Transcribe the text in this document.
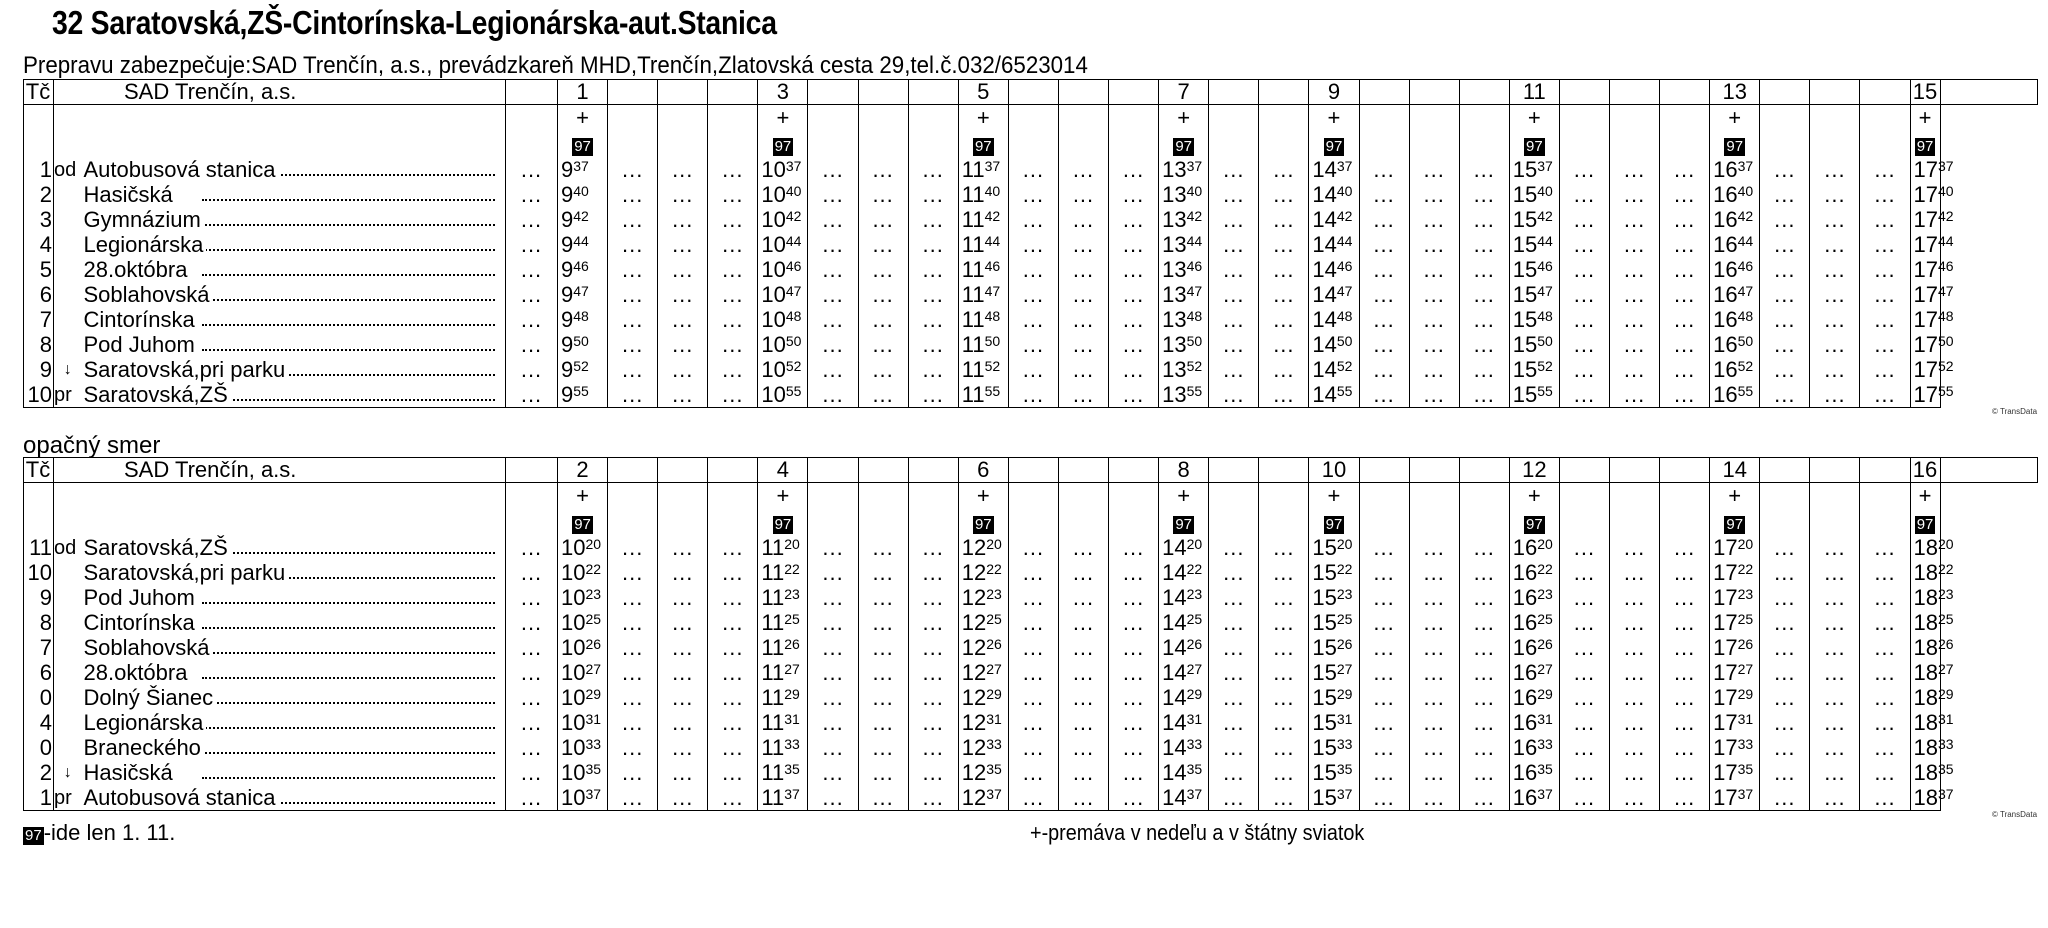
32 Saratovská,ZŠ-Cintorínska-Legionárska-aut.Stanica
Prepravu zabezpečuje:SAD Trenčín, a.s., prevádzkareň MHD,Trenčín,Zlatovská cesta 29,tel.č.032/6523014
Tč	SAD Trenčín, a.s.			1				3				5				7			9				11				13				15	
				+				+				+				+			+				+				+				+	
				97				97				97				97			97				97				97				97	
1	od	Autobusová stanica	...	$9^{37}$	...	...	...	$10^{37}$	...	...	...	$11^{37}$	...	...	...	$13^{37}$	...	...	$14^{37}$	...	...	...	$15^{37}$	...	...	...	$16^{37}$	...	...	...	$17^{37}$
2		Hasičská	...	$9^{40}$	...	...	...	$10^{40}$	...	...	...	$11^{40}$	...	...	...	$13^{40}$	...	...	$14^{40}$	...	...	...	$15^{40}$	...	...	...	$16^{40}$	...	...	...	$17^{40}$
3		Gymnázium	...	$9^{42}$	...	...	...	$10^{42}$	...	...	...	$11^{42}$	...	...	...	$13^{42}$	...	...	$14^{42}$	...	...	...	$15^{42}$	...	...	...	$16^{42}$	...	...	...	$17^{42}$
4		Legionárska	...	$9^{44}$	...	...	...	$10^{44}$	...	...	...	$11^{44}$	...	...	...	$13^{44}$	...	...	$14^{44}$	...	...	...	$15^{44}$	...	...	...	$16^{44}$	...	...	...	$17^{44}$
5		28.októbra	...	$9^{46}$	...	...	...	$10^{46}$	...	...	...	$11^{46}$	...	...	...	$13^{46}$	...	...	$14^{46}$	...	...	...	$15^{46}$	...	...	...	$16^{46}$	...	...	...	$17^{46}$
6		Soblahovská	...	$9^{47}$	...	...	...	$10^{47}$	...	...	...	$11^{47}$	...	...	...	$13^{47}$	...	...	$14^{47}$	...	...	...	$15^{47}$	...	...	...	$16^{47}$	...	...	...	$17^{47}$
7		Cintorínska	...	$9^{48}$	...	...	...	$10^{48}$	...	...	...	$11^{48}$	...	...	...	$13^{48}$	...	...	$14^{48}$	...	...	...	$15^{48}$	...	...	...	$16^{48}$	...	...	...	$17^{48}$
8		Pod Juhom	...	$9^{50}$	...	...	...	$10^{50}$	...	...	...	$11^{50}$	...	...	...	$13^{50}$	...	...	$14^{50}$	...	...	...	$15^{50}$	...	...	...	$16^{50}$	...	...	...	$17^{50}$
9	↓	Saratovská,pri parku	...	$9^{52}$	...	...	...	$10^{52}$	...	...	...	$11^{52}$	...	...	...	$13^{52}$	...	...	$14^{52}$	...	...	...	$15^{52}$	...	...	...	$16^{52}$	...	...	...	$17^{52}$
10	pr	Saratovská,ZŠ	...	$9^{55}$	...	...	...	$10^{55}$	...	...	...	$11^{55}$	...	...	...	$13^{55}$	...	...	$14^{55}$	...	...	...	$15^{55}$	...	...	...	$16^{55}$	...	...	...	$17^{55}$
© TransData
opačný smer
Tč	SAD Trenčín, a.s.			2				4				6				8			10				12				14				16	
				+				+				+				+			+				+				+				+	
				97				97				97				97			97				97				97				97	
11	od	Saratovská,ZŠ	...	$10^{20}$	...	...	...	$11^{20}$	...	...	...	$12^{20}$	...	...	...	$14^{20}$	...	...	$15^{20}$	...	...	...	$16^{20}$	...	...	...	$17^{20}$	...	...	...	$18^{20}$
10		Saratovská,pri parku	...	$10^{22}$	...	...	...	$11^{22}$	...	...	...	$12^{22}$	...	...	...	$14^{22}$	...	...	$15^{22}$	...	...	...	$16^{22}$	...	...	...	$17^{22}$	...	...	...	$18^{22}$
9		Pod Juhom	...	$10^{23}$	...	...	...	$11^{23}$	...	...	...	$12^{23}$	...	...	...	$14^{23}$	...	...	$15^{23}$	...	...	...	$16^{23}$	...	...	...	$17^{23}$	...	...	...	$18^{23}$
8		Cintorínska	...	$10^{25}$	...	...	...	$11^{25}$	...	...	...	$12^{25}$	...	...	...	$14^{25}$	...	...	$15^{25}$	...	...	...	$16^{25}$	...	...	...	$17^{25}$	...	...	...	$18^{25}$
7		Soblahovská	...	$10^{26}$	...	...	...	$11^{26}$	...	...	...	$12^{26}$	...	...	...	$14^{26}$	...	...	$15^{26}$	...	...	...	$16^{26}$	...	...	...	$17^{26}$	...	...	...	$18^{26}$
6		28.októbra	...	$10^{27}$	...	...	...	$11^{27}$	...	...	...	$12^{27}$	...	...	...	$14^{27}$	...	...	$15^{27}$	...	...	...	$16^{27}$	...	...	...	$17^{27}$	...	...	...	$18^{27}$
0		Dolný Šianec	...	$10^{29}$	...	...	...	$11^{29}$	...	...	...	$12^{29}$	...	...	...	$14^{29}$	...	...	$15^{29}$	...	...	...	$16^{29}$	...	...	...	$17^{29}$	...	...	...	$18^{29}$
4		Legionárska	...	$10^{31}$	...	...	...	$11^{31}$	...	...	...	$12^{31}$	...	...	...	$14^{31}$	...	...	$15^{31}$	...	...	...	$16^{31}$	...	...	...	$17^{31}$	...	...	...	$18^{31}$
0		Braneckého	...	$10^{33}$	...	...	...	$11^{33}$	...	...	...	$12^{33}$	...	...	...	$14^{33}$	...	...	$15^{33}$	...	...	...	$16^{33}$	...	...	...	$17^{33}$	...	...	...	$18^{33}$
2	↓	Hasičská	...	$10^{35}$	...	...	...	$11^{35}$	...	...	...	$12^{35}$	...	...	...	$14^{35}$	...	...	$15^{35}$	...	...	...	$16^{35}$	...	...	...	$17^{35}$	...	...	...	$18^{35}$
1	pr	Autobusová stanica	...	$10^{37}$	...	...	...	$11^{37}$	...	...	...	$12^{37}$	...	...	...	$14^{37}$	...	...	$15^{37}$	...	...	...	$16^{37}$	...	...	...	$17^{37}$	...	...	...	$18^{37}$
© TransData
97-ide len 1. 11.	+-premáva v nedeľu a v štátny sviatok
